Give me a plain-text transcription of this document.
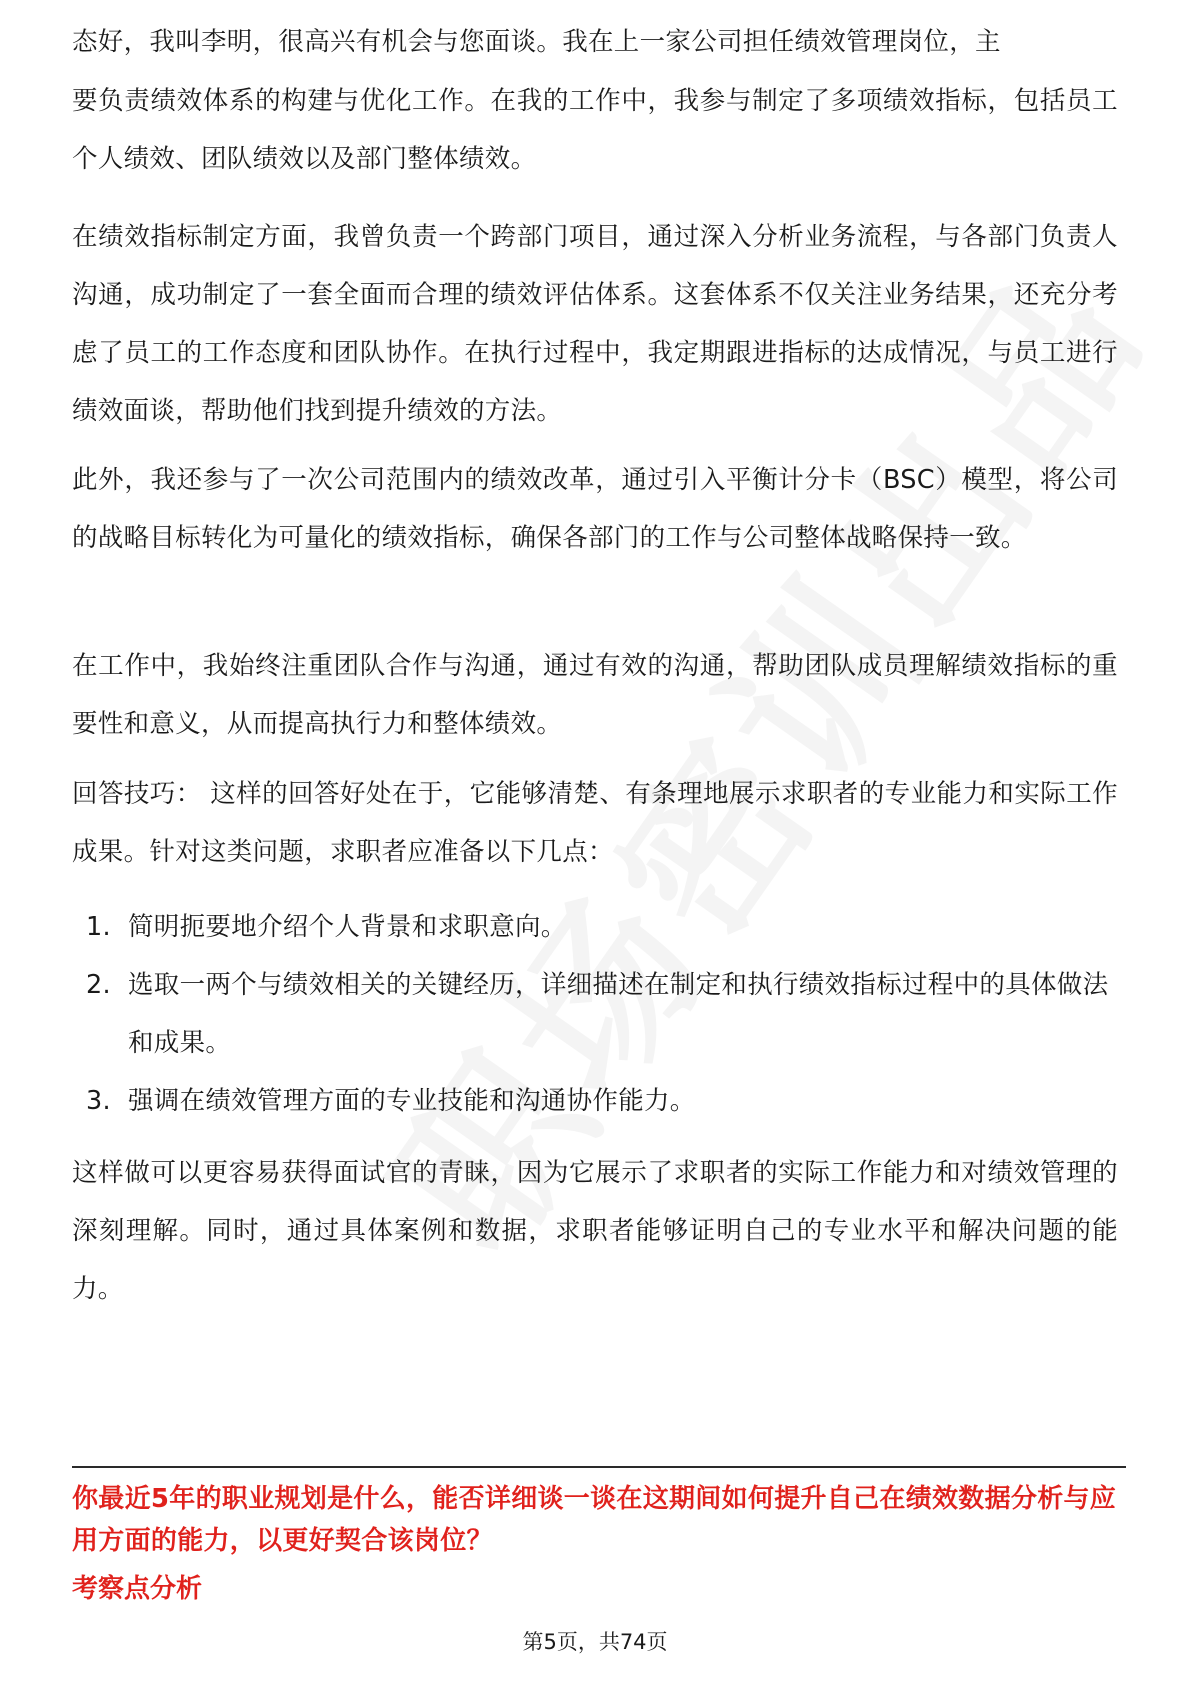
态好，我叫李明，很高兴有机会与您面谈。我在上一家公司担任绩效管理岗位，主

要负责绩效体系的构建与优化工作。在我的工作中，我参与制定了多项绩效指标，包括员工个人绩效、团队绩效以及部门整体绩效。

在绩效指标制定方面，我曾负责一个跨部门项目，通过深入分析业务流程，与各部门负责人沟通，成功制定了一套全面而合理的绩效评估体系。这套体系不仅关注业务结果，还充分考虑了员工的工作态度和团队协作。在执行过程中，我定期跟进指标的达成情况，与员工进行绩效面谈，帮助他们找到提升绩效的方法。

此外，我还参与了一次公司范围内的绩效改革，通过引入平衡计分卡（BSC）模型，将公司的战略目标转化为可量化的绩效指标，确保各部门的工作与公司整体战略保持一致。

在工作中，我始终注重团队合作与沟通，通过有效的沟通，帮助团队成员理解绩效指标的重要性和意义，从而提高执行力和整体绩效。

回答技巧： 这样的回答好处在于，它能够清楚、有条理地展示求职者的专业能力和实际工作成果。针对这类问题，求职者应准备以下几点：

1. 简明扼要地介绍个人背景和求职意向。
2. 选取一两个与绩效相关的关键经历，详细描述在制定和执行绩效指标过程中的具体做法和成果。
3. 强调在绩效管理方面的专业技能和沟通协作能力。

这样做可以更容易获得面试官的青睐，因为它展示了求职者的实际工作能力和对绩效管理的深刻理解。同时，通过具体案例和数据，求职者能够证明自己的专业水平和解决问题的能力。

你最近5年的职业规划是什么，能否详细谈一谈在这期间如何提升自己在绩效数据分析与应用方面的能力，以更好契合该岗位？

考察点分析

第5页，共74页
